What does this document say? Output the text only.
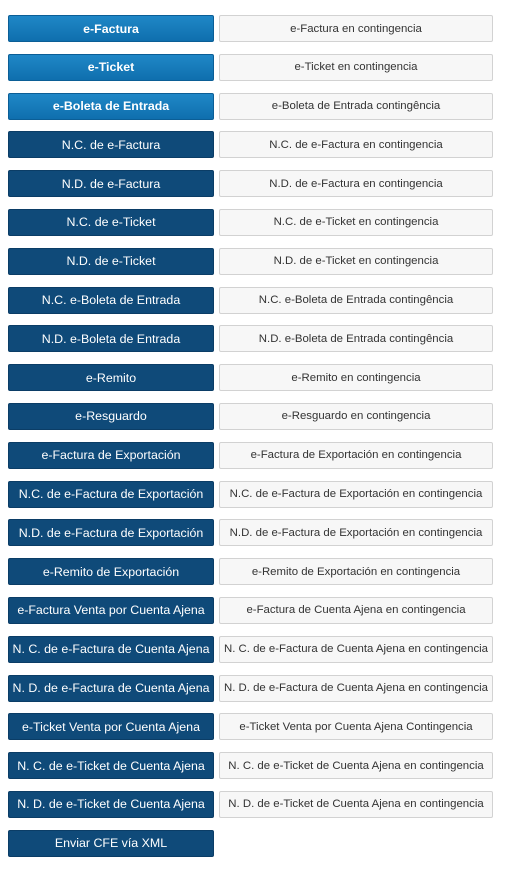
e-Factura	e-Factura en contingencia
e-Ticket	e-Ticket en contingencia
e-Boleta de Entrada	e-Boleta de Entrada contingência
N.C. de e-Factura	N.C. de e-Factura en contingencia
N.D. de e-Factura	N.D. de e-Factura en contingencia
N.C. de e-Ticket	N.C. de e-Ticket en contingencia
N.D. de e-Ticket	N.D. de e-Ticket en contingencia
N.C. e-Boleta de Entrada	N.C. e-Boleta de Entrada contingência
N.D. e-Boleta de Entrada	N.D. e-Boleta de Entrada contingência
e-Remito	e-Remito en contingencia
e-Resguardo	e-Resguardo en contingencia
e-Factura de Exportación	e-Factura de Exportación en contingencia
N.C. de e-Factura de Exportación	N.C. de e-Factura de Exportación en contingencia
N.D. de e-Factura de Exportación	N.D. de e-Factura de Exportación en contingencia
e-Remito de Exportación	e-Remito de Exportación en contingencia
e-Factura Venta por Cuenta Ajena	e-Factura de Cuenta Ajena en contingencia
N. C. de e-Factura de Cuenta Ajena	N. C. de e-Factura de Cuenta Ajena en contingencia
N. D. de e-Factura de Cuenta Ajena	N. D. de e-Factura de Cuenta Ajena en contingencia
e-Ticket Venta por Cuenta Ajena	e-Ticket Venta por Cuenta Ajena Contingencia
N. C. de e-Ticket de Cuenta Ajena	N. C. de e-Ticket de Cuenta Ajena en contingencia
N. D. de e-Ticket de Cuenta Ajena	N. D. de e-Ticket de Cuenta Ajena en contingencia
Enviar CFE vía XML
